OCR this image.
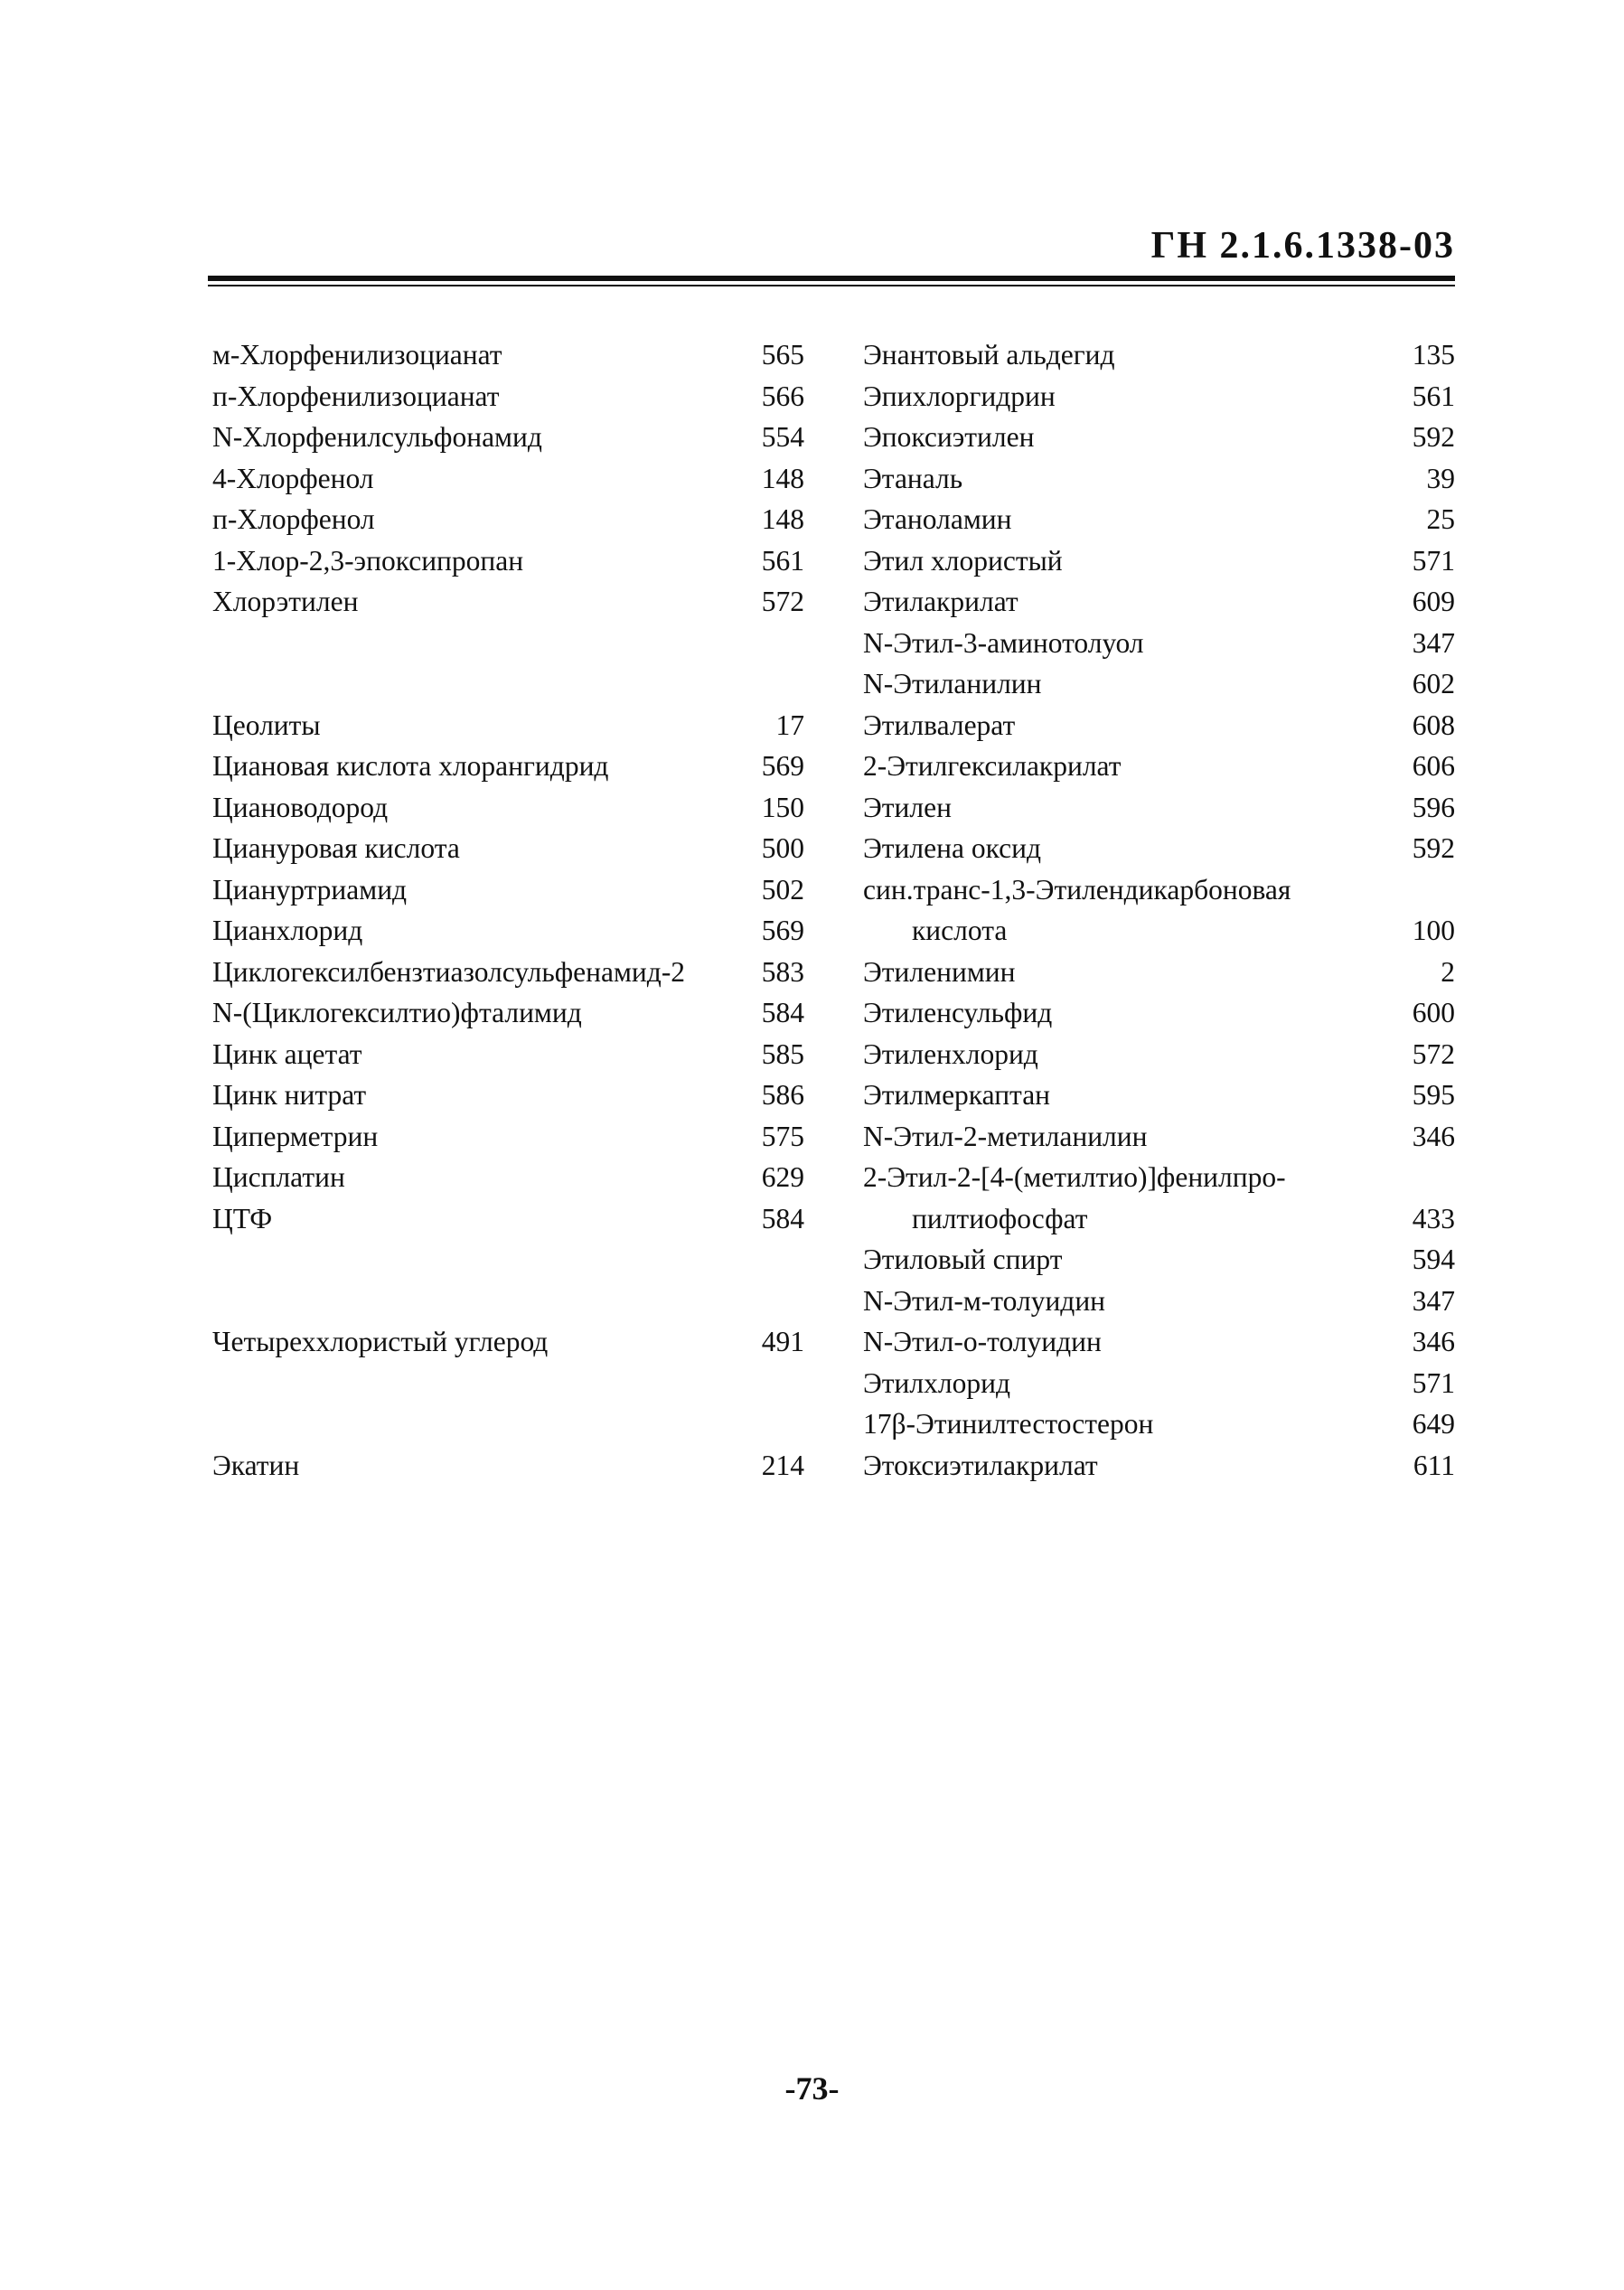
ГН 2.1.6.1338-03
м-Хлорфенилизоцианат	565
п-Хлорфенилизоцианат	566
N-Хлорфенилсульфонамид	554
4-Хлорфенол	148
п-Хлорфенол	148
1-Хлор-2,3-эпоксипропан	561
Хлорэтилен	572
Цеолиты	17
Циановая кислота хлорангидрид	569
Циановодород	150
Циануровая кислота	500
Циануртриамид	502
Цианхлорид	569
Циклогексилбензтиазолсульфенамид-2	583
N-(Циклогексилтио)фталимид	584
Цинк ацетат	585
Цинк нитрат	586
Циперметрин	575
Цисплатин	629
ЦТФ	584
Четыреххлористый углерод	491
Экатин	214
Энантовый альдегид	135
Эпихлоргидрин	561
Эпоксиэтилен	592
Этаналь	39
Этаноламин	25
Этил хлористый	571
Этилакрилат	609
N-Этил-3-аминотолуол	347
N-Этиланилин	602
Этилвалерат	608
2-Этилгексилакрилат	606
Этилен	596
Этилена оксид	592
син.транс-1,3-Этилендикарбоновая
кислота	100
Этиленимин	2
Этиленсульфид	600
Этиленхлорид	572
Этилмеркаптан	595
N-Этил-2-метиланилин	346
2-Этил-2-[4-(метилтио)]фенилпро-
пилтиофосфат	433
Этиловый спирт	594
N-Этил-м-толуидин	347
N-Этил-о-толуидин	346
Этилхлорид	571
17β-Этинилтестостерон	649
Этоксиэтилакрилат	611
-73-
